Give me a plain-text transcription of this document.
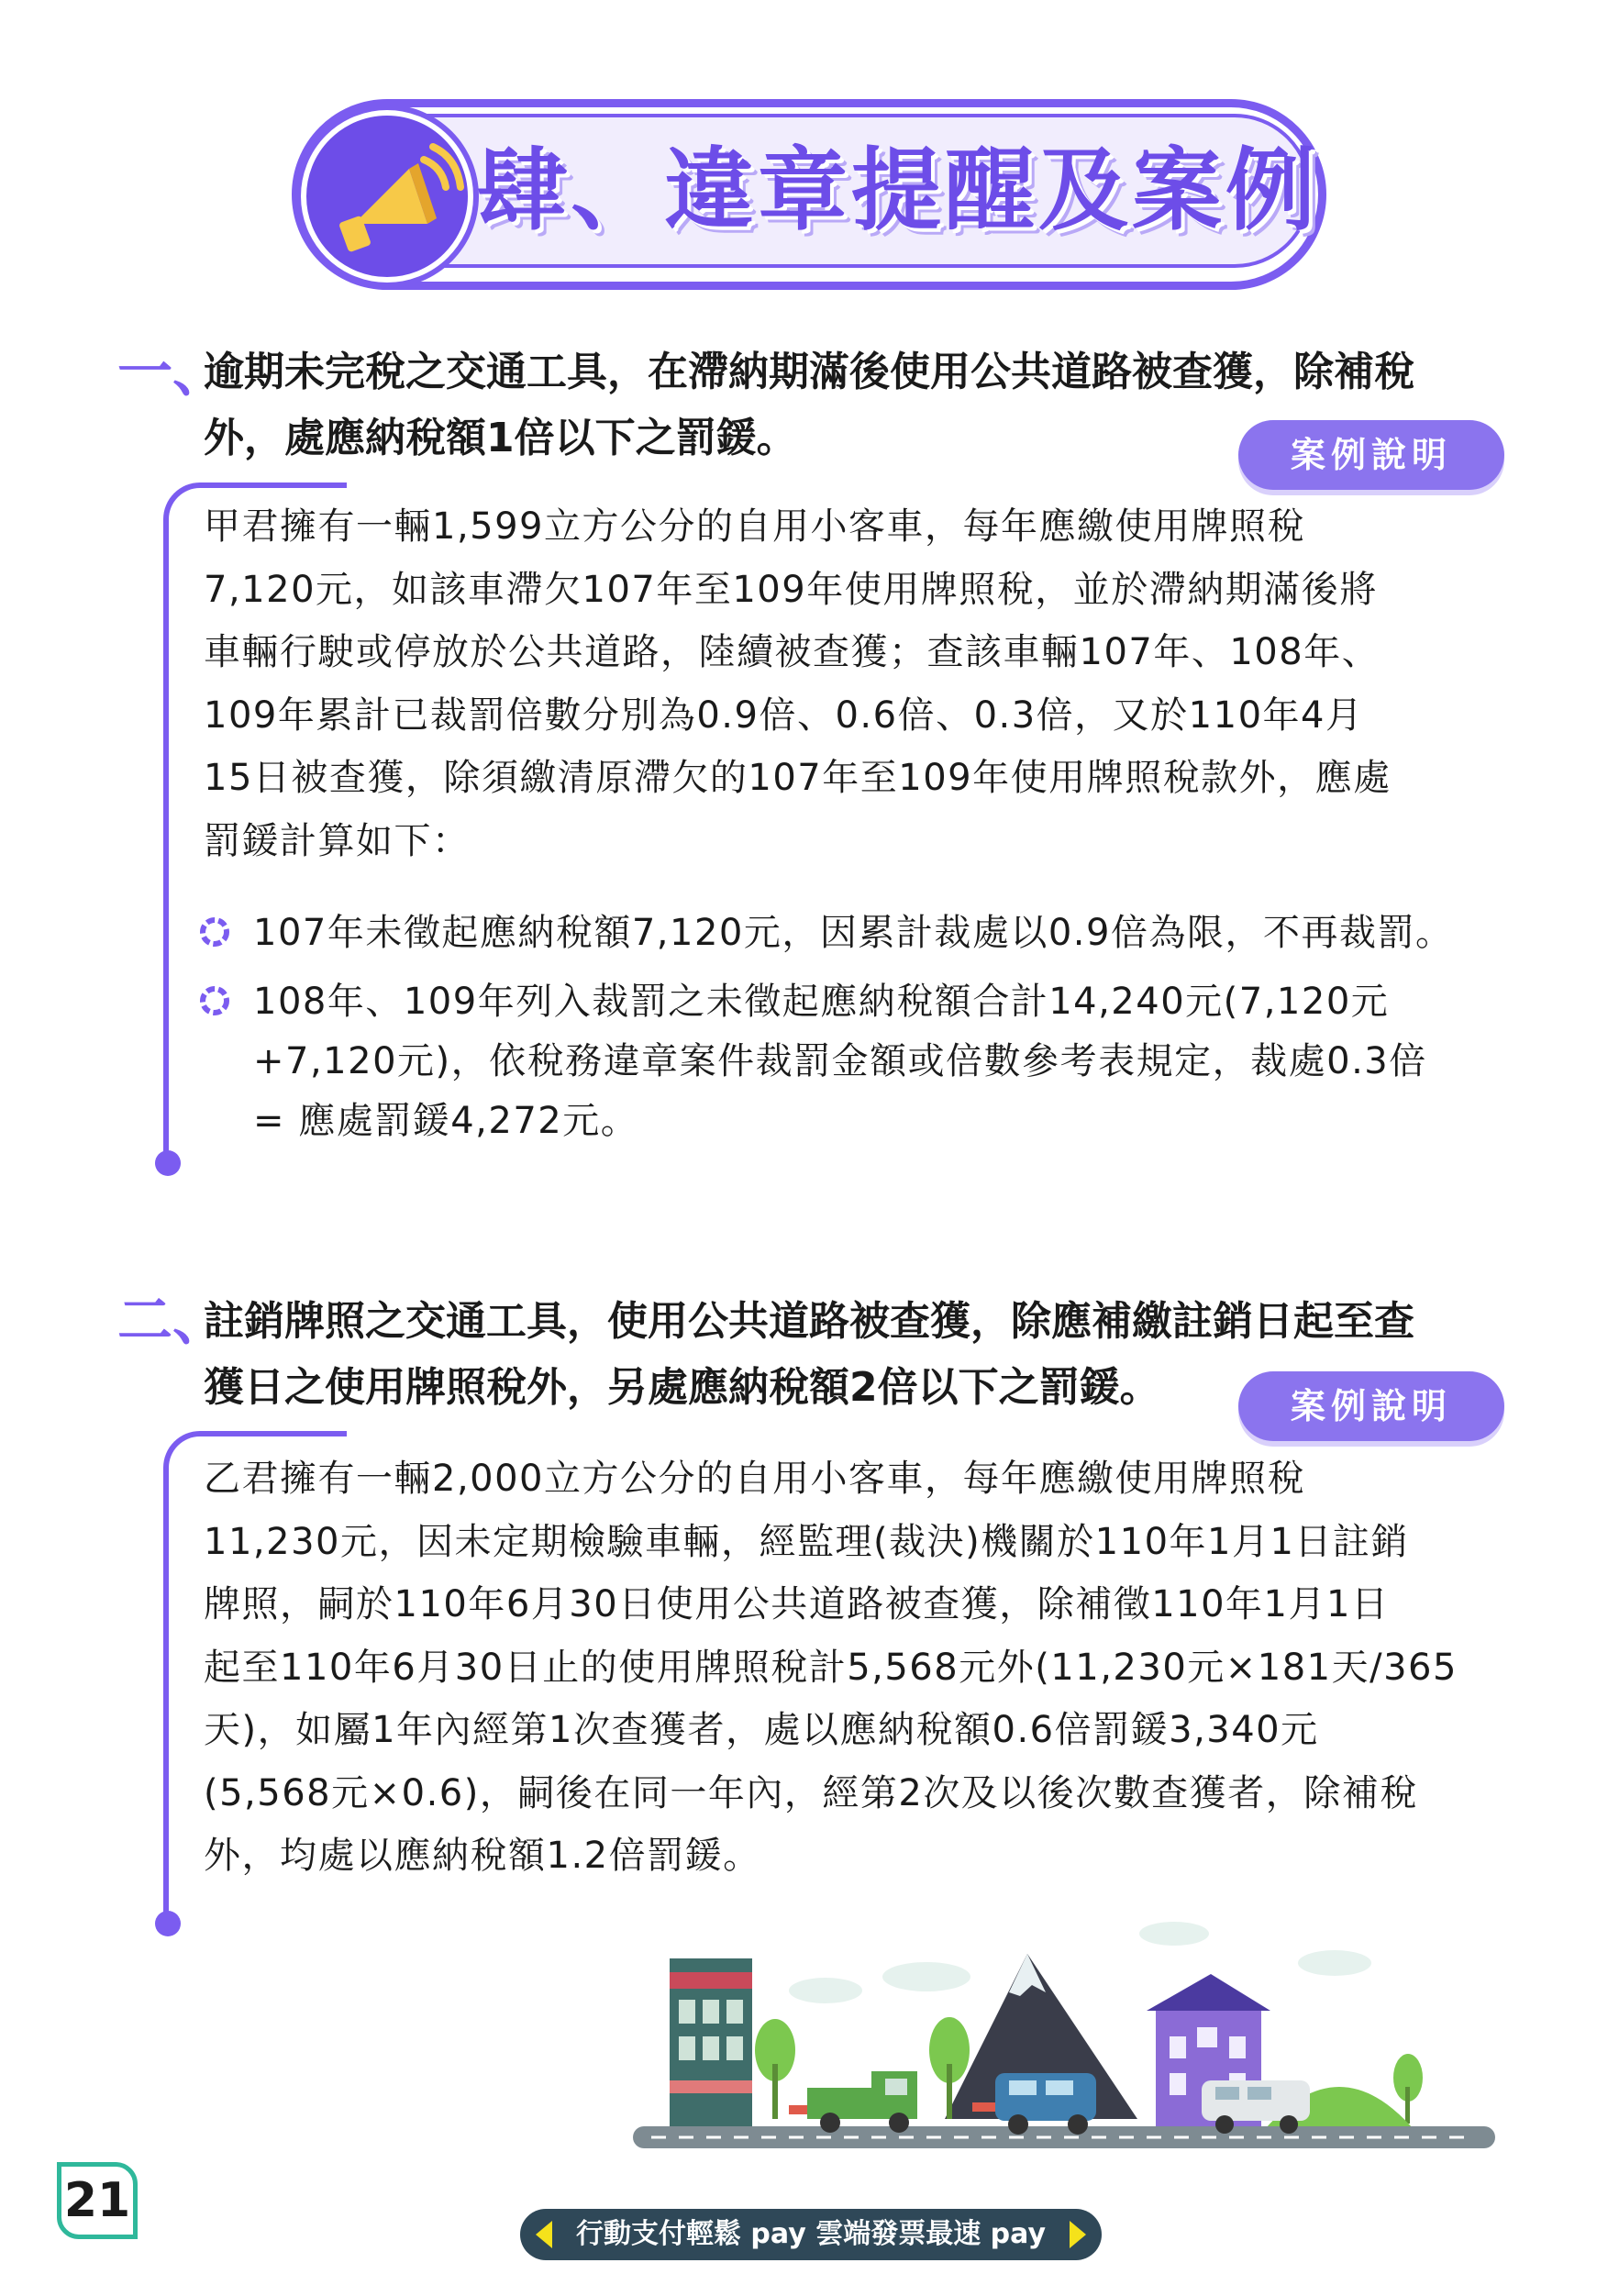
肆、違章提醒及案例
一、
逾期未完稅之交通工具，在滯納期滿後使用公共道路被查獲，除補稅
外，處應納稅額1倍以下之罰鍰。	案例說明
甲君擁有一輛1,599立方公分的自用小客車，每年應繳使用牌照稅
7,120元，如該車滯欠107年至109年使用牌照稅，並於滯納期滿後將
車輛行駛或停放於公共道路，陸續被查獲；查該車輛107年、108年、
109年累計已裁罰倍數分別為0.9倍、0.6倍、0.3倍，又於110年4月
15日被查獲，除須繳清原滯欠的107年至109年使用牌照稅款外，應處
罰鍰計算如下：
107年未徵起應納稅額7,120元，因累計裁處以0.9倍為限，不再裁罰。
108年、109年列入裁罰之未徵起應納稅額合計14,240元(7,120元
+7,120元)，依稅務違章案件裁罰金額或倍數參考表規定，裁處0.3倍
= 應處罰鍰4,272元。
二、
註銷牌照之交通工具，使用公共道路被查獲，除應補繳註銷日起至查
獲日之使用牌照稅外，另處應納稅額2倍以下之罰鍰。	案例說明
乙君擁有一輛2,000立方公分的自用小客車，每年應繳使用牌照稅
11,230元，因未定期檢驗車輛，經監理(裁決)機關於110年1月1日註銷
牌照，嗣於110年6月30日使用公共道路被查獲，除補徵110年1月1日
起至110年6月30日止的使用牌照稅計5,568元外(11,230元×181天/365
天)，如屬1年內經第1次查獲者，處以應納稅額0.6倍罰鍰3,340元
(5,568元×0.6)，嗣後在同一年內，經第2次及以後次數查獲者，除補稅
外，均處以應納稅額1.2倍罰鍰。
21
行動支付輕鬆 pay 雲端發票最速 pay
